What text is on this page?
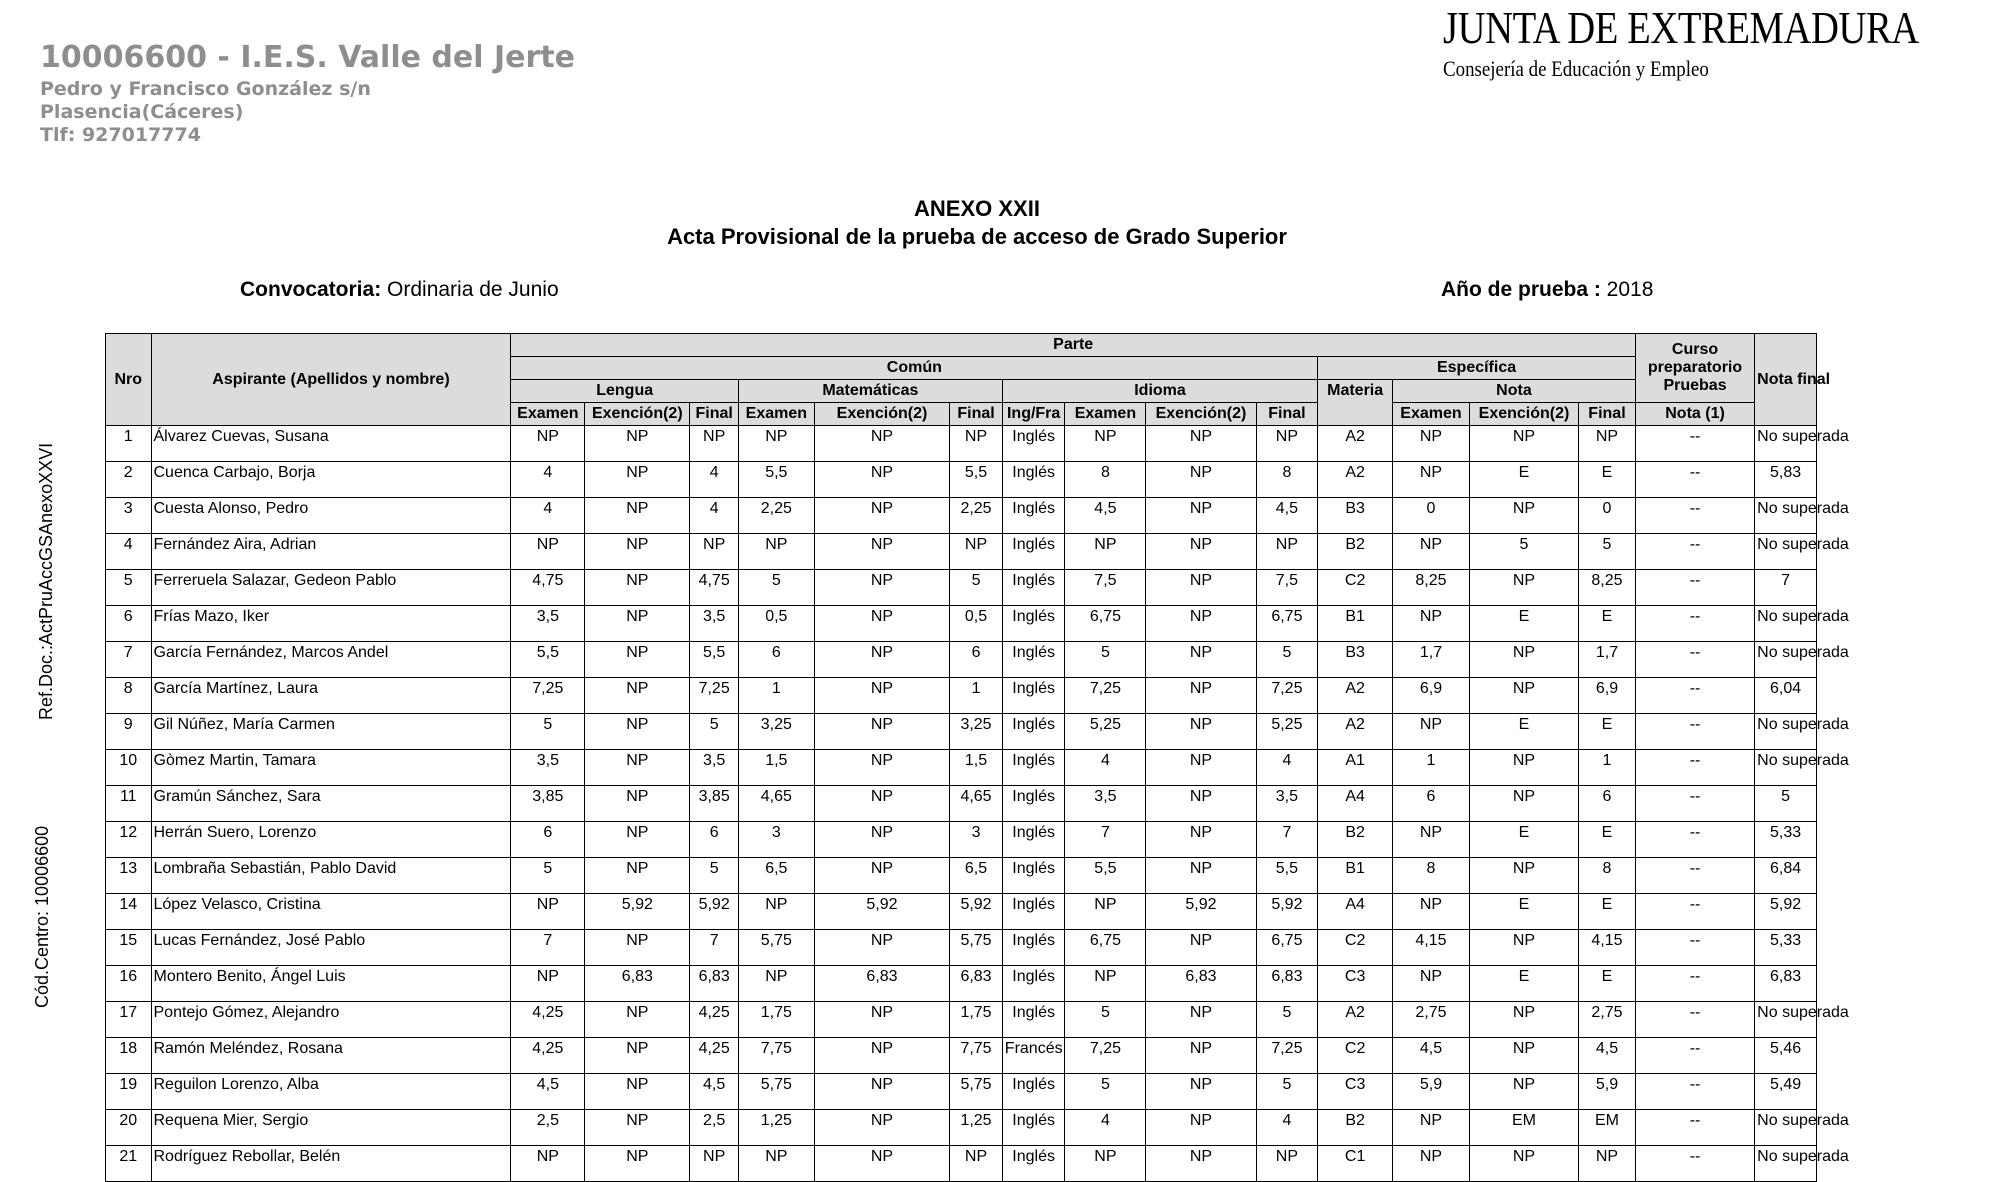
10006600 - I.E.S. Valle del Jerte
Pedro y Francisco González s/n
Plasencia(Cáceres)
Tlf: 927017774
JUNTA DE EXTREMADURA
Consejería de Educación y Empleo
ANEXO XXII
Acta Provisional de la prueba de acceso de Grado Superior
Convocatoria: Ordinaria de Junio	Año de prueba : 2018
Ref.Doc.:ActPruAccGSAnexoXXVI
Cód.Centro: 10006600
Nro	Aspirante (Apellidos y nombre)	Parte														Curso preparatorio Pruebas	Nota final
		Común										Específica					
		Lengua			Matemáticas			Idioma				Materia	Nota				
		Examen	Exención(2)	Final	Examen	Exención(2)	Final	Ing/Fra	Examen	Exención(2)	Final		Examen	Exención(2)	Final	Nota (1)	
1	Álvarez Cuevas, Susana	NP	NP	NP	NP	NP	NP	Inglés	NP	NP	NP	A2	NP	NP	NP	--	No superada
2	Cuenca Carbajo, Borja	4	NP	4	5,5	NP	5,5	Inglés	8	NP	8	A2	NP	E	E	--	5,83
3	Cuesta Alonso, Pedro	4	NP	4	2,25	NP	2,25	Inglés	4,5	NP	4,5	B3	0	NP	0	--	No superada
4	Fernández Aira, Adrian	NP	NP	NP	NP	NP	NP	Inglés	NP	NP	NP	B2	NP	5	5	--	No superada
5	Ferreruela Salazar, Gedeon Pablo	4,75	NP	4,75	5	NP	5	Inglés	7,5	NP	7,5	C2	8,25	NP	8,25	--	7
6	Frías Mazo, Iker	3,5	NP	3,5	0,5	NP	0,5	Inglés	6,75	NP	6,75	B1	NP	E	E	--	No superada
7	García Fernández, Marcos Andel	5,5	NP	5,5	6	NP	6	Inglés	5	NP	5	B3	1,7	NP	1,7	--	No superada
8	García Martínez, Laura	7,25	NP	7,25	1	NP	1	Inglés	7,25	NP	7,25	A2	6,9	NP	6,9	--	6,04
9	Gil Núñez, María Carmen	5	NP	5	3,25	NP	3,25	Inglés	5,25	NP	5,25	A2	NP	E	E	--	No superada
10	Gòmez Martin, Tamara	3,5	NP	3,5	1,5	NP	1,5	Inglés	4	NP	4	A1	1	NP	1	--	No superada
11	Gramún Sánchez, Sara	3,85	NP	3,85	4,65	NP	4,65	Inglés	3,5	NP	3,5	A4	6	NP	6	--	5
12	Herrán Suero, Lorenzo	6	NP	6	3	NP	3	Inglés	7	NP	7	B2	NP	E	E	--	5,33
13	Lombraña Sebastián, Pablo David	5	NP	5	6,5	NP	6,5	Inglés	5,5	NP	5,5	B1	8	NP	8	--	6,84
14	López Velasco, Cristina	NP	5,92	5,92	NP	5,92	5,92	Inglés	NP	5,92	5,92	A4	NP	E	E	--	5,92
15	Lucas Fernández, José Pablo	7	NP	7	5,75	NP	5,75	Inglés	6,75	NP	6,75	C2	4,15	NP	4,15	--	5,33
16	Montero Benito, Ángel Luis	NP	6,83	6,83	NP	6,83	6,83	Inglés	NP	6,83	6,83	C3	NP	E	E	--	6,83
17	Pontejo Gómez, Alejandro	4,25	NP	4,25	1,75	NP	1,75	Inglés	5	NP	5	A2	2,75	NP	2,75	--	No superada
18	Ramón Meléndez, Rosana	4,25	NP	4,25	7,75	NP	7,75	Francés	7,25	NP	7,25	C2	4,5	NP	4,5	--	5,46
19	Reguilon Lorenzo, Alba	4,5	NP	4,5	5,75	NP	5,75	Inglés	5	NP	5	C3	5,9	NP	5,9	--	5,49
20	Requena Mier, Sergio	2,5	NP	2,5	1,25	NP	1,25	Inglés	4	NP	4	B2	NP	EM	EM	--	No superada
21	Rodríguez Rebollar, Belén	NP	NP	NP	NP	NP	NP	Inglés	NP	NP	NP	C1	NP	NP	NP	--	No superada
